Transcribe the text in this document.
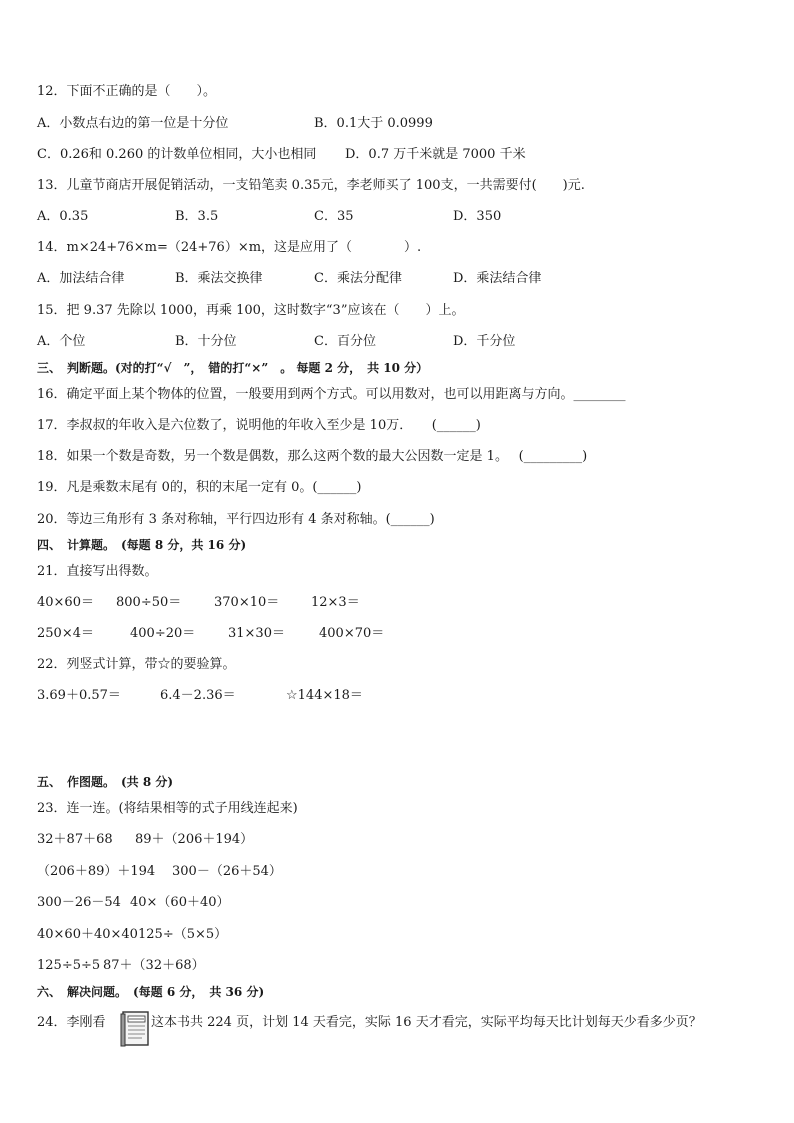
12．下面不正确的是（　　）。
A．小数点右边的第一位是十分位	B．0.1大于 0.0999
C．0.26和 0.260 的计数单位相同，大小也相同 D．0.7 万千米就是 7000 千米
13．儿童节商店开展促销活动，一支铅笔卖 0.35元，李老师买了 100支，一共需要付(　　)元.
A．0.35	B．3.5	C．35	D．350
14．m×24+76×m=（24+76）×m，这是应用了（　　　　）.
A．加法结合律	B．乘法交换律	C．乘法分配律	D．乘法结合律
15．把 9.37 先除以 1000，再乘 100，这时数字“3”应该在（　　）上。
A．个位	B．十分位	C．百分位	D．千分位
三、　判断题。(对的打“√　”，　错的打“×”　。 每题 2 分，　共 10 分）
16．确定平面上某个物体的位置，一般要用到两个方式。可以用数对，也可以用距离与方向。________
17．李叔叔的年收入是六位数了，说明他的年收入至少是 10万．　　(______)
18．如果一个数是奇数，另一个数是偶数，那么这两个数的最大公因数一定是 1。　 (_________)
19．凡是乘数末尾有 0的，积的末尾一定有 0。(______)
20．等边三角形有 3 条对称轴，平行四边形有 4 条对称轴。(______)
四、　计算题。　(每题 8 分，共 16 分)
21．直接写出得数。
40×60＝ 800÷50＝	370×10＝ 12×3＝
250×4＝	400÷20＝	31×30＝	400×70＝
22．列竖式计算，带☆的要验算。
3.69＋0.57＝	6.4－2.36＝	☆144×18＝
五、　作图题。　(共 8 分)
23．连一连。(将结果相等的式子用线连起来)
32＋87＋68 89＋（206＋194）
（206＋89）＋194 300－（26＋54）
300－26－54 40×（60＋40）
40×60＋40×40 125÷（5×5）
125÷5÷5 87＋（32＋68）
六、　解决问题。　(每题 6 分，　共 36 分)
24．李刚看	这本书共 224 页，计划 14 天看完，实际 16 天才看完，实际平均每天比计划每天少看多少页？
